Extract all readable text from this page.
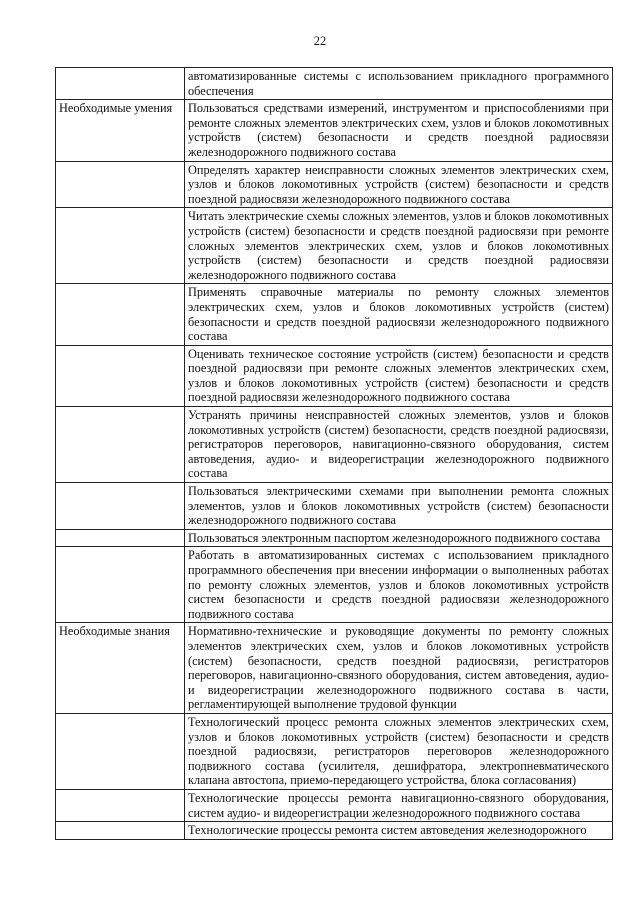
22
	автоматизированные системы с использованием прикладного программного обеспечения
Необходимые умения	Пользоваться средствами измерений, инструментом и приспособлениями при ремонте сложных элементов электрических схем, узлов и блоков локомотивных устройств (систем) безопасности и средств поездной радиосвязи железнодорожного подвижного состава
	Определять характер неисправности сложных элементов электрических схем, узлов и блоков локомотивных устройств (систем) безопасности и средств поездной радиосвязи железнодорожного подвижного состава
	Читать электрические схемы сложных элементов, узлов и блоков локомотивных устройств (систем) безопасности и средств поездной радиосвязи при ремонте сложных элементов электрических схем, узлов и блоков локомотивных устройств (систем) безопасности и средств поездной радиосвязи железнодорожного подвижного состава
	Применять справочные материалы по ремонту сложных элементов электрических схем, узлов и блоков локомотивных устройств (систем) безопасности и средств поездной радиосвязи железнодорожного подвижного состава
	Оценивать техническое состояние устройств (систем) безопасности и средств поездной радиосвязи при ремонте сложных элементов электрических схем, узлов и блоков локомотивных устройств (систем) безопасности и средств поездной радиосвязи железнодорожного подвижного состава
	Устранять причины неисправностей сложных элементов, узлов и блоков локомотивных устройств (систем) безопасности, средств поездной радиосвязи, регистраторов переговоров, навигационно-связного оборудования, систем автоведения, аудио- и видеорегистрации железнодорожного подвижного состава
	Пользоваться электрическими схемами при выполнении ремонта сложных элементов, узлов и блоков локомотивных устройств (систем) безопасности железнодорожного подвижного состава
	Пользоваться электронным паспортом железнодорожного подвижного состава
	Работать в автоматизированных системах с использованием прикладного программного обеспечения при внесении информации о выполненных работах по ремонту сложных элементов, узлов и блоков локомотивных устройств систем безопасности и средств поездной радиосвязи железнодорожного подвижного состава
Необходимые знания	Нормативно-технические и руководящие документы по ремонту сложных элементов электрических схем, узлов и блоков локомотивных устройств (систем) безопасности, средств поездной радиосвязи, регистраторов переговоров, навигационно-связного оборудования, систем автоведения, аудио- и видеорегистрации железнодорожного подвижного состава в части, регламентирующей выполнение трудовой функции
	Технологический процесс ремонта сложных элементов электрических схем, узлов и блоков локомотивных устройств (систем) безопасности и средств поездной радиосвязи, регистраторов переговоров железнодорожного подвижного состава (усилителя, дешифратора, электропневматического клапана автостопа, приемо-передающего устройства, блока согласования)
	Технологические процессы ремонта навигационно-связного оборудования, систем аудио- и видеорегистрации железнодорожного подвижного состава
	Технологические процессы ремонта систем автоведения железнодорожного
